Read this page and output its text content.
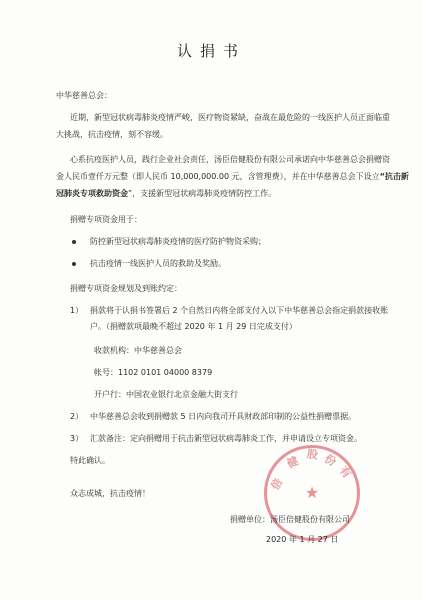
认捐书
中华慈善总会：
近期，新型冠状病毒肺炎疫情严峻，医疗物资紧缺，奋战在最危险的一线医护人员正面临重
大挑战，抗击疫情，刻不容缓。
心系抗疫医护人员，践行企业社会责任，汤臣倍健股份有限公司承诺向中华慈善总会捐赠资
金人民币壹仟万元整（即人民币 10,000,000.00 元，含管理费），并在中华慈善总会下设立“抗击新
冠肺炎专项救助资金”，支援新型冠状病毒肺炎疫情防控工作。
捐赠专项资金用于：
防控新型冠状病毒肺炎疫情的医疗防护物资采购；
抗击疫情一线医护人员的救助及奖励。
捐赠专项资金规划及到账约定：
1） 捐款将于认捐书签署后 2 个自然日内将全部支付入以下中华慈善总会指定捐款接收账
户。（捐赠款项最晚不超过 2020 年 1 月 29 日完成支付）
收款机构：中华慈善总会
帐号：1102 0101 04000 8379
开户行：中国农业银行北京金融大街支行
2） 中华慈善总会收到捐赠款 5 日内向我司开具财政部印制的公益性捐赠票据。
3） 汇款备注：定向捐赠用于抗击新型冠状病毒肺炎工作，并申请设立专项资金。
特此确认。
众志成城，抗击疫情！	★
股 份
有
倍
健
捐赠单位：汤臣倍健股份有限公司
2020 年 1 月 27 日
